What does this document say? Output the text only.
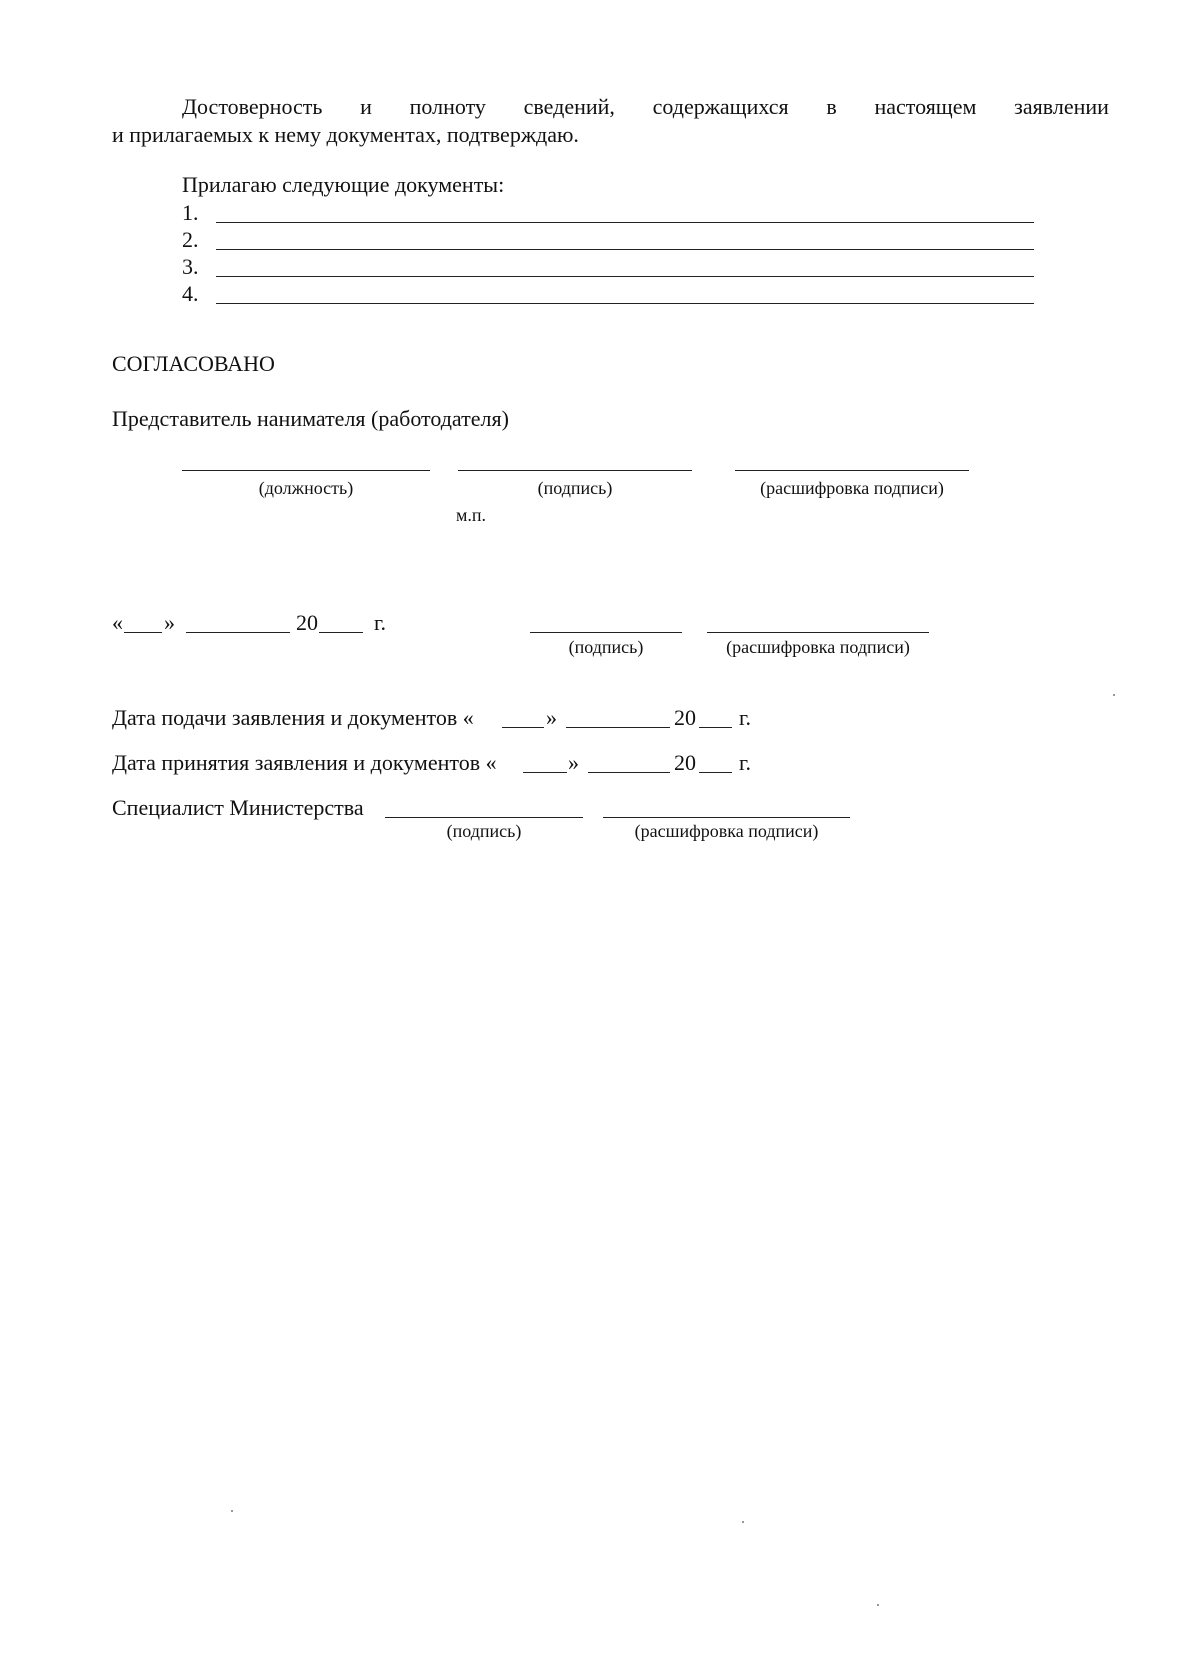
Достоверность и полноту сведений, содержащихся в настоящем заявлении
и прилагаемых к нему документах, подтверждаю.
Прилагаю следующие документы:
1.
2.
3.
4.
СОГЛАСОВАНО
Представитель нанимателя (работодателя)
(должность)	(подпись)	(расшифровка подписи)
м.п.
« »	20	г.
(подпись)	(расшифровка подписи)
Дата подачи заявления и документов «	»	20 г.
Дата принятия заявления и документов «	»	20 г.
Специалист Министерства
(подпись)	(расшифровка подписи)
